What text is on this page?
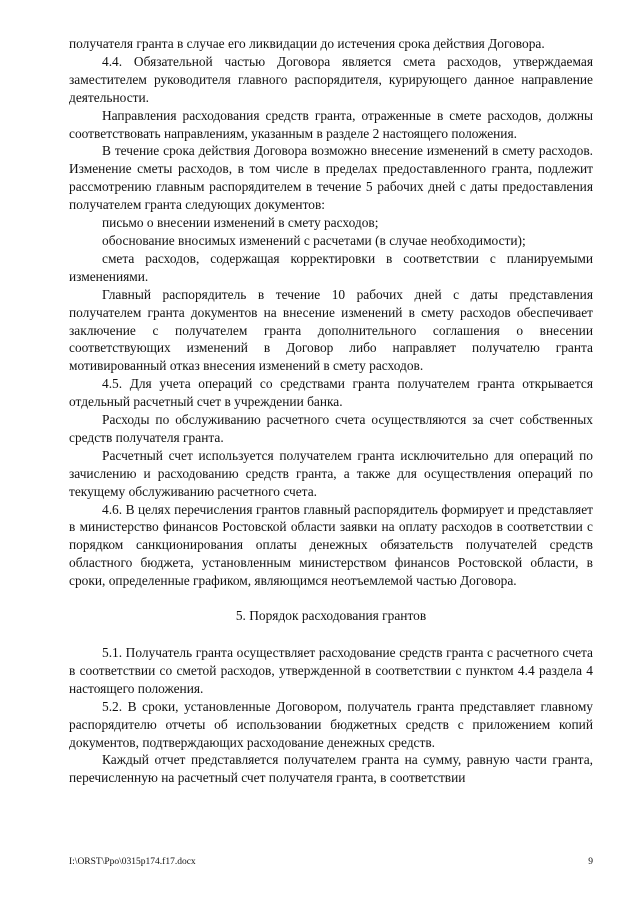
получателя гранта в случае его ликвидации до истечения срока действия Договора.

4.4. Обязательной частью Договора является смета расходов, утверждаемая заместителем руководителя главного распорядителя, курирующего данное направление деятельности.

Направления расходования средств гранта, отраженные в смете расходов, должны соответствовать направлениям, указанным в разделе 2 настоящего положения.

В течение срока действия Договора возможно внесение изменений в смету расходов. Изменение сметы расходов, в том числе в пределах предоставленного гранта, подлежит рассмотрению главным распорядителем в течение 5 рабочих дней с даты предоставления получателем гранта следующих документов:

письмо о внесении изменений в смету расходов;

обоснование вносимых изменений с расчетами (в случае необходимости);

смета расходов, содержащая корректировки в соответствии с планируемыми изменениями.

Главный распорядитель в течение 10 рабочих дней с даты представления получателем гранта документов на внесение изменений в смету расходов обеспечивает заключение с получателем гранта дополнительного соглашения о внесении соответствующих изменений в Договор либо направляет получателю гранта мотивированный отказ внесения изменений в смету расходов.

4.5. Для учета операций со средствами гранта получателем гранта открывается отдельный расчетный счет в учреждении банка.

Расходы по обслуживанию расчетного счета осуществляются за счет собственных средств получателя гранта.

Расчетный счет используется получателем гранта исключительно для операций по зачислению и расходованию средств гранта, а также для осуществления операций по текущему обслуживанию расчетного счета.

4.6. В целях перечисления грантов главный распорядитель формирует и представляет в министерство финансов Ростовской области заявки на оплату расходов в соответствии с порядком санкционирования оплаты денежных обязательств получателей средств областного бюджета, установленным министерством финансов Ростовской области, в сроки, определенные графиком, являющимся неотъемлемой частью Договора.

5. Порядок расходования грантов

5.1. Получатель гранта осуществляет расходование средств гранта с расчетного счета в соответствии со сметой расходов, утвержденной в соответствии с пунктом 4.4 раздела 4 настоящего положения.

5.2. В сроки, установленные Договором, получатель гранта представляет главному распорядителю отчеты об использовании бюджетных средств с приложением копий документов, подтверждающих расходование денежных средств.

Каждый отчет представляется получателем гранта на сумму, равную части гранта, перечисленную на расчетный счет получателя гранта, в соответствии

I:\ORST\Ppo\0315p174.f17.docx	9
